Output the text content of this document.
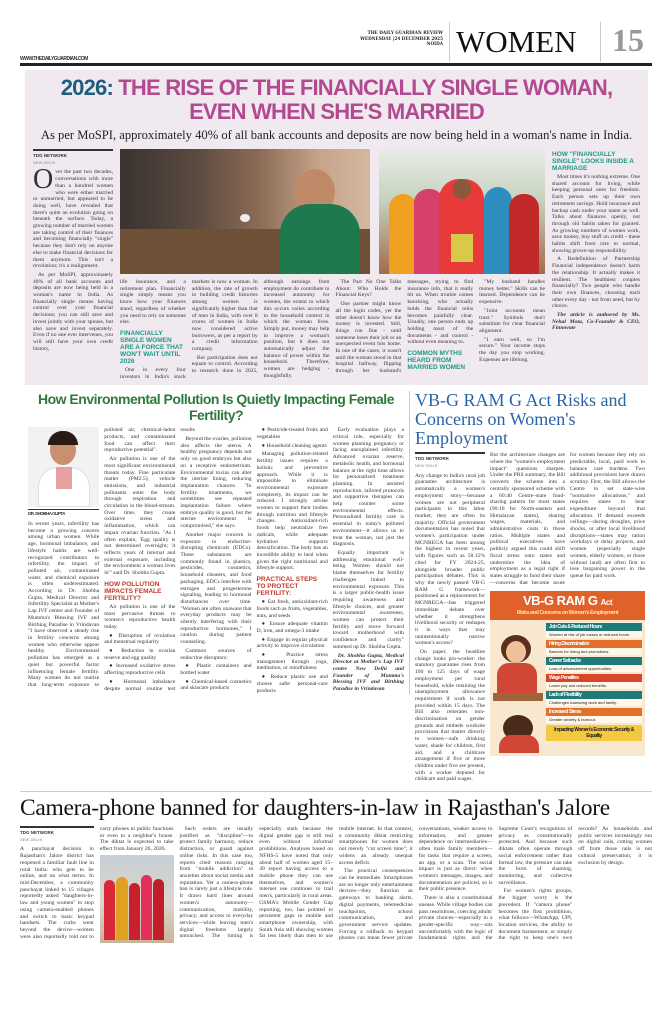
WWW.THEDAILYGUARDIAN.COM
THE DAILY GUARDIAN REVIEW
WEDNESDAY |24 DECEMBER 2025
NOIDA WOMEN 15
2026: THE RISE OF THE FINANCIALLY SINGLE WOMAN, EVEN WHEN SHE'S MARRIED
As per MoSPI, approximately 40% of all bank accounts and deposits are now being held in a woman's name in India.
TDG NETWORK
NEW DELHI

Over the past two decades, conversations with more than a hundred women who were either married or unmarried, but appeared to be doing well, have revealed that there's quite an evolution going on beneath the surface. Today, a growing number of married women are taking control of their finances and becoming financially "single" because they don't rely on anyone else to make financial decisions for them anymore. This isn't a revolution; it's a realignment.

As per MoSPI, approximately 40% of all bank accounts and deposits are now being held in a woman's name in India. As financially single means having control over your financial decisions; you can still save and invest jointly with your spouse, but also save and invest separately. Even if no one ever intervenes, you will still have your own credit history,

life insurance, and a retirement plan. Financially single simply means you know how your finances stand, regardless of whether you need to rely on someone else.

FINANCIALLY SINGLE WOMEN ARE A FORCE THAT WON'T WAIT UNTIL 2026

One in every four investors in India's stock markets is now a woman. In addition, the rate of growth in building credit histories among women is significantly higher than that of men in India, with over 8 crores of women in India now considered active borrowers, as per a report by a credit information company.

But participation does not equate to control. According to research done in 2025, although earnings from employment do contribute to increased autonomy for women, the extent to which this occurs varies according to the household context in which the woman lives. Simply put, money may help to improve a woman's position, but it does not automatically adjust the balance of power within the household. Therefore, women are hedging - thoughtfully.

The Part No One Talks About: Who Holds the Financial Keys?

One partner might know all the login codes, yet the other doesn't know how the money is invested. Still, things run fine - until someone loses their job or an unexpected event hits home. In one of the cases, it wasn't until the woman stood in that hospital hallway, flipping through her husband's messages, trying to find insurance info, that it really hit us. When trouble comes knocking, who actually holds the financial reins becomes painfully clear. Usually, one person ends up holding most of the documents - and control - without even meaning to.

COMMON MYTHS HEARD FROM MARRIED WOMEN

"My husband handles money better." Skills can be learned. Dependence can be expensive.

"Joint accounts mean trust." Symbols don't substitute for clear financial alignment.

"I earn well, so I'm secure." Your income stops the day you stop working. Expenses are lifelong.

HOW "FINANCIALLY SINGLE" LOOKS INSIDE A MARRIAGE

Most times it's nothing extreme. One shared account for living, while keeping personal ones for freedom. Each person sets up their own retirement savings. Hold insurance and backup cash under your name as well. Talks about finances openly, not through old habits taken for granted. As growing numbers of women work, save money, buy stuff on credit - these habits shift from rare to normal, showing grown-up responsibility.

A Redefinition of Partnership Financial independence doesn't harm the relationship. It actually makes it resilient. The healthiest couples financially? Two people who handle their own finances, choosing each other every day - not from need, but by choice.

The article is authored by Ms. Nehal Mota, Co-Founder & CEO, Finnovate

How Environmental Pollution Is Quietly Impacting Female Fertility?
DR. SHOBHA GUPTA

In recent years, infertility has become a growing concern among urban women. While age, hormonal imbalance, and lifestyle habits are well-recognized contributors to infertility, the impact of polluted air, contaminated water, and chemical exposure is often underestimated. According to Dr. Shobha Gupta, Medical Director and Infertility Specialist at Mother's Lap IVF centre and Founder of Mumma's Blessing IVF and Birthing Paradise in Vrindavan "I have observed a steady rise in fertility concerns among women who otherwise appear healthy. Environmental pollution has emerged as a quiet but powerful factor influencing female fertility. Many women do not realize that long-term exposure to polluted air, chemical-laden products, and contaminated food can affect their reproductive potential".

Air pollution is one of the most significant environmental threats today. Fine particulate matter (PM2.5), vehicle emissions, and industrial pollutants enter the body through respiration and circulation in the blood-stream. Over time, they create oxidative stress and inflammation, which can impair ovarian function. "As I often explain, 'Egg quality is not determined overnight; it reflects years of internal and external exposure, including the environment a woman lives in'" said Dr. Shobha Gupta.

HOW POLLUTION IMPACTS FEMALE FERTILITY?

Air pollution is one of the most pervasive threats to women's reproductive health today.

● Disruption of ovulation and menstrual regularity

● Reduction in ovarian reserve and egg quality

● Increased oxidative stress affecting reproductive cells

● Hormonal imbalance despite normal routine test results

Beyond the ovaries, pollution also affects the uterus. A healthy pregnancy depends not only on good embryos but also on a receptive endometrium. Environmental toxins can alter the uterine lining, reducing implantation chances. "In fertility treatments, we sometimes see repeated implantation failure where embryo quality is good, but the uterine environment is compromised," she says.

Another major concern is exposure to endocrine-disrupting chemicals (EDCs). These substances are commonly found in plastics, pesticides, cosmetics, household cleaners, and food packaging. EDCs interfere with estrogen and progesterone signaling, leading to hormonal disturbances over time. "Women are often unaware that everyday products may be silently interfering with their reproductive hormones," I caution during patient counseling.

Common sources of endocrine disruptors:

● Plastic containers and bottled water

● Chemical-based cosmetics and skincare products

● Pesticide-treated fruits and vegetables

● Household cleaning agents

Managing pollution-related fertility issues requires a holistic and preventive approach. While it is impossible to eliminate environmental exposure completely, its impact can be reduced. I strongly advise women to support their bodies through nutrition and lifestyle changes. Antioxidant-rich foods help neutralize free radicals, while adequate hydration supports detoxification. The body has an incredible ability to heal when given the right nutritional and lifestyle support.

PRACTICAL STEPS TO PROTECT FERTILITY:

● Eat fresh, antioxidant-rich foods such as fruits, vegetables, nuts, and seeds

● Ensure adequate vitamin D, iron, and omega-3 intake

● Engage in regular physical activity to improve circulation

● Practice stress management through yoga, meditation, or mindfulness

● Reduce plastic use and choose safer personal-care products

Early evaluation plays a critical role, especially for women planning pregnancy or facing unexplained infertility. Advanced ovarian reserve, metabolic health, and hormonal balance at the right time allows for personalized treatment planning. In assisted reproduction, tailored protocols and supportive therapies can help counter some environmental effects. Personalized fertility care is essential in today's polluted environment—it allows us to treat the woman, not just the diagnosis.

Equally important is addressing emotional well-being. Women should not blame themselves for fertility challenges linked to environmental exposure. This is a larger public-health issue requiring awareness and lifestyle choices, and greater environmental awareness, women can protect their fertility and move forward toward motherhood with confidence and clarity" summed up Dr. Shobha Gupta.

Dr. Shobha Gupta, Medical Director at Mother's Lap IVF centre New Delhi and Founder of Mumma's Blessing IVF and Birthing Paradise in Vrindavan

VB-G RAM G Act Risks and Concerns on Women's Employment
TDG NETWORK
NEW DELHI

Any change to India's rural job guarantee architecture is automatically a women's employment story—because women are not peripheral participants in this labor market, they are often its majority. Official government documentation has noted that women's participation under MGNREGA has been among the highest in recent years, with figures such as 58.15% cited for FY 2024-25, alongside broader public participation debates. This is why the newly passed VB-G RAM G framework—positioned as a replacement for MGNREGA—has triggered immediate debate over whether it strengthens livelihood security or reshapes it in ways that may unintentionally narrow women's access?

On paper, the headline change looks pro-worker: the statutory guarantee rises from 100 to 125 days of wage employment per rural household, while retaining the unemployment allowance requirement if work is not provided within 15 days. The Bill also reiterates non-discrimination on gender grounds and embeds worksite provisions that matter directly to women—safe drinking water, shade for children, first aid, and a childcare arrangement if five or more children under five are present, with a worker deputed for childcare and paid wages.

But the architecture changes are where the "women's employment impact" questions sharpen. Under the PRS summary, the Bill converts the scheme into a centrally sponsored scheme with a 60:40 Centre–state fund-sharing pattern for most states (90:10 for North-eastern and Himalayan states), sharing wages, materials, and administrative costs in those ratios. Multiple states and political executives have publicly argued this could shift fiscal stress onto states and undermine the idea of employment as a legal right if states struggle to fund their share—concerns that become acute for women because they rely on predictable, local, paid work to balance care burdens. Two additional provisions have drawn scrutiny. First, the Bill allows the Centre to set state-wise "normative allocations," and requires states to bear expenditure beyond that allocation. If demand exceeds ceilings—during droughts, price shocks, or after local livelihood disruptions—states may ration workdays or delay projects, and women (especially single women, elderly women, or those without land) are often first to lose bargaining power in the queue for paid work.

VB-G RAM G Act
Risks and Concerns on Women's Employment
Job Cuts & Reduced Hours
Women at risk of job losses or reduced hours.
Hiring Discrimination
Barriers for hiring and promotions.
Career Setbacks
Loss of advancement opportunities.
Wage Penalties
Lower pay and reduced benefits.
Lack of Flexibility
Challenges balancing work and family.
Increased Stress
Greater anxiety & burnout.
Impacting Women's Economic Security & Equality
Camera-phone banned for daughters-in-law in Rajasthan's Jalore
TDG NETWORK
NEW DELHI

A panchayat decision in Rajasthan's Jalore district has reopened a familiar fault line in rural India: who gets to be online, and on what terms. In mid-December, a community panchayat linked to 15 villages reportedly asked "daughters-in-law and young women" to stop using camera-enabled phones and switch to basic keypad handsets. The curbs went beyond the device—women were also reportedly told not to carry phones to public functions or even to a neighbor's house. The diktat is expected to take effect from January 26, 2026.

Such orders are usually justified as "discipline"—to protect family harmony, reduce distraction, or guard against online risks. In this case too, reports cited reasons ranging from "mobile addiction" to anxieties about social media and reputation. Yet a camera-phone ban is rarely just a lifestyle rule. It draws hard lines around women's autonomy—communication, mobility, privacy, and access to everyday services—while leaving men's digital freedoms largely untouched. The timing is especially stark because the digital gender gap is still real even without informal prohibitions. Analyses based on NFHS-5 have noted that only about half of women aged 15–49 report having access to a mobile phone they can use themselves, and women's internet use continues to trail men's, particularly in rural areas. GSMA's Mobile Gender Gap reporting, too, has pointed to persistent gaps in mobile and smartphone ownership, with South Asia still showing women far less likely than men to use mobile internet. In that context, a community diktat restricting smartphones for women does not merely "cut screen time"; it widens an already unequal access deficit.

The practical consequences can be immediate. Smartphones are no longer only entertainment devices—they function as gateways to banking alerts, digital payments, telemedicine touchpoints, school communication, and government service updates. Forcing a rollback to keypad phones can mean fewer private conversations, weaker access to information, and greater dependence on intermediaries—often male family members—for tasks that require a screen, an app, or a scan. The social impact is just as direct: when women's messages, images, and documentation are policed, so is their public presence.

There is also a constitutional unease. While village bodies can pass resolutions, coercing adults' private choices—especially in a gender-specific way—sits uncomfortably with the logic of fundamental rights and the Supreme Court's recognition of privacy as constitutionally protected. And because such diktats often operate through social enforcement rather than formal law, the pressure can take the form of shaming, monitoring, and collective surveillance.

For women's rights groups, the bigger worry is the precedent. If "camera phone" becomes the first prohibition, what follows—WhatsApp, UPI, location services, the ability to document harassment, or simply the right to keep one's own records? As households and public services increasingly run on digital rails, cutting women off from those rails is not cultural preservation; it is exclusion by design.
